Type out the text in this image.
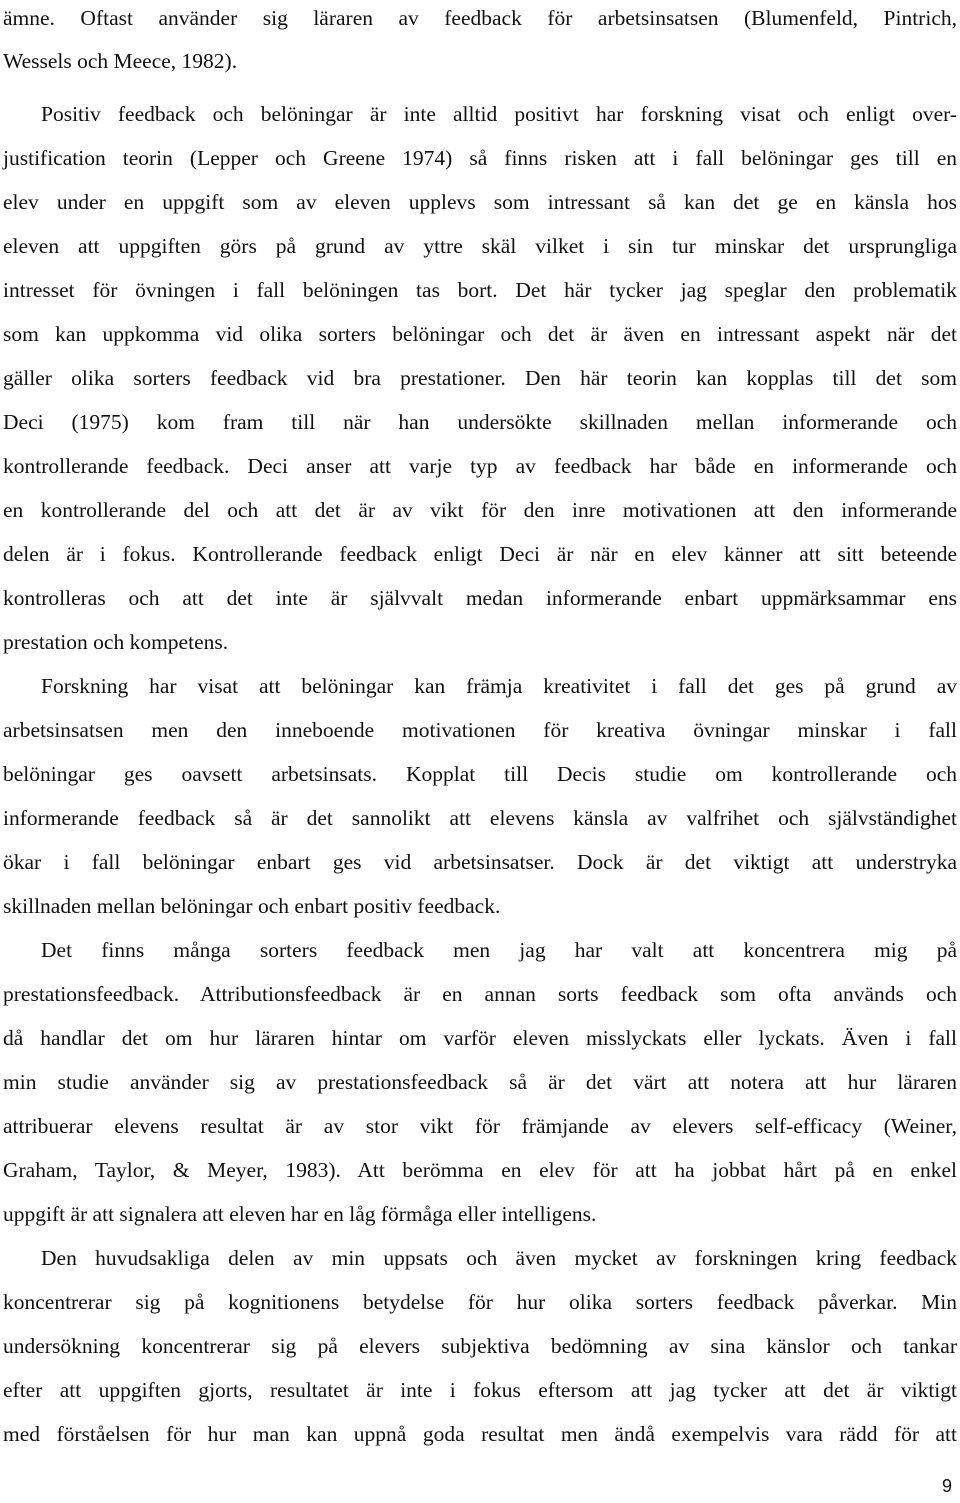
ämne. Oftast använder sig läraren av feedback för arbetsinsatsen (Blumenfeld, Pintrich,
Wessels och Meece, 1982).
Positiv feedback och belöningar är inte alltid positivt har forskning visat och enligt over-
justification teorin (Lepper och Greene 1974) så finns risken att i fall belöningar ges till en
elev under en uppgift som av eleven upplevs som intressant så kan det ge en känsla hos
eleven att uppgiften görs på grund av yttre skäl vilket i sin tur minskar det ursprungliga
intresset för övningen i fall belöningen tas bort. Det här tycker jag speglar den problematik
som kan uppkomma vid olika sorters belöningar och det är även en intressant aspekt när det
gäller olika sorters feedback vid bra prestationer. Den här teorin kan kopplas till det som
Deci (1975) kom fram till när han undersökte skillnaden mellan informerande och
kontrollerande feedback. Deci anser att varje typ av feedback har både en informerande och
en kontrollerande del och att det är av vikt för den inre motivationen att den informerande
delen är i fokus. Kontrollerande feedback enligt Deci är när en elev känner att sitt beteende
kontrolleras och att det inte är självvalt medan informerande enbart uppmärksammar ens
prestation och kompetens.
Forskning har visat att belöningar kan främja kreativitet i fall det ges på grund av
arbetsinsatsen men den inneboende motivationen för kreativa övningar minskar i fall
belöningar ges oavsett arbetsinsats. Kopplat till Decis studie om kontrollerande och
informerande feedback så är det sannolikt att elevens känsla av valfrihet och självständighet
ökar i fall belöningar enbart ges vid arbetsinsatser. Dock är det viktigt att understryka
skillnaden mellan belöningar och enbart positiv feedback.
Det finns många sorters feedback men jag har valt att koncentrera mig på
prestationsfeedback. Attributionsfeedback är en annan sorts feedback som ofta används och
då handlar det om hur läraren hintar om varför eleven misslyckats eller lyckats. Även i fall
min studie använder sig av prestationsfeedback så är det värt att notera att hur läraren
attribuerar elevens resultat är av stor vikt för främjande av elevers self-efficacy (Weiner,
Graham, Taylor, & Meyer, 1983). Att berömma en elev för att ha jobbat hårt på en enkel
uppgift är att signalera att eleven har en låg förmåga eller intelligens.
Den huvudsakliga delen av min uppsats och även mycket av forskningen kring feedback
koncentrerar sig på kognitionens betydelse för hur olika sorters feedback påverkar. Min
undersökning koncentrerar sig på elevers subjektiva bedömning av sina känslor och tankar
efter att uppgiften gjorts, resultatet är inte i fokus eftersom att jag tycker att det är viktigt
med förståelsen för hur man kan uppnå goda resultat men ändå exempelvis vara rädd för att
9
